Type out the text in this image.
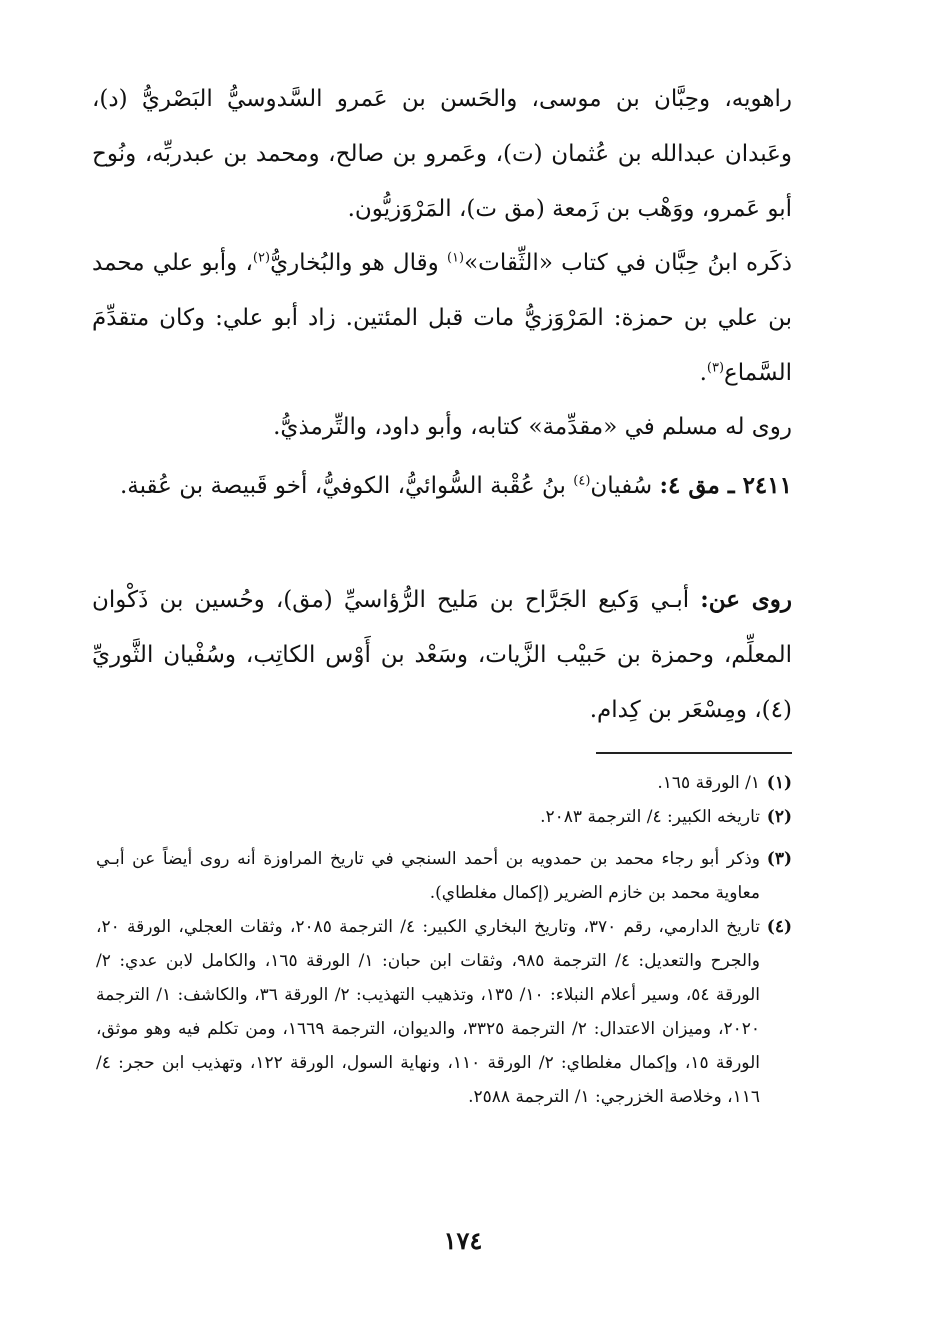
راهويه، وحِبَّان بن موسى، والحَسن بن عَمرو السَّدوسيُّ البَصْريُّ (د)، وعَبدان عبدالله بن عُثمان (ت)، وعَمرو بن صالح، ومحمد بن عبدربِّه، ونُوح أبو عَمرو، ووَهْب بن زَمعة (مق ت)، المَرْوَزيُّون.

ذكَره ابنُ حِبَّان في كتاب «الثِّقات»$^{(١)}$ وقال هو والبُخاريُّ$^{(٢)}$، وأبو علي محمد بن علي بن حمزة: المَرْوَزيُّ مات قبل المئتين. زاد أبو علي: وكان متقدِّمَ السَّماع$^{(٣)}$.

روى له مسلم في «مقدِّمة» كتابه، وأبو داود، والتِّرمذيُّ.

٢٤١١ ـ مق ٤: سُفيان$^{(٤)}$ بنُ عُقْبة السُّوائيُّ، الكوفيُّ، أخو قَبيصة بن عُقبة.

روى عن: أبـي وَكيع الجَرَّاح بن مَليح الرُّؤاسيِّ (مق)، وحُسين بن ذَكْوان المعلِّم، وحمزة بن حَبيْب الزَّيات، وسَعْد بن أَوْس الكاتِب، وسُفْيان الثَّوريِّ (٤)، ومِسْعَر بن كِدام.

(١)
١/ الورقة ١٦٥.

(٢)
تاريخه الكبير: ٤/ الترجمة ٢٠٨٣.

(٣)
وذكر أبو رجاء محمد بن حمدويه بن أحمد السنجي في تاريخ المراوزة أنه روى أيضاً عن أبـي معاوية محمد بن خازم الضرير (إكمال مغلطاي).

(٤)
تاريخ الدارمي، رقم ٣٧٠، وتاريخ البخاري الكبير: ٤/ الترجمة ٢٠٨٥، وثقات العجلي، الورقة ٢٠، والجرح والتعديل: ٤/ الترجمة ٩٨٥، وثقات ابن حبان: ١/ الورقة ١٦٥، والكامل لابن عدي: ٢/ الورقة ٥٤، وسير أعلام النبلاء: ١٠/ ١٣٥، وتذهيب التهذيب: ٢/ الورقة ٣٦، والكاشف: ١/ الترجمة ٢٠٢٠، وميزان الاعتدال: ٢/ الترجمة ٣٣٢٥، والديوان، الترجمة ١٦٦٩، ومن تكلم فيه وهو موثق، الورقة ١٥، وإكمال مغلطاي: ٢/ الورقة ١١٠، ونهاية السول، الورقة ١٢٢، وتهذيب ابن حجر: ٤/ ١١٦، وخلاصة الخزرجي: ١/ الترجمة ٢٥٨٨.

١٧٤
